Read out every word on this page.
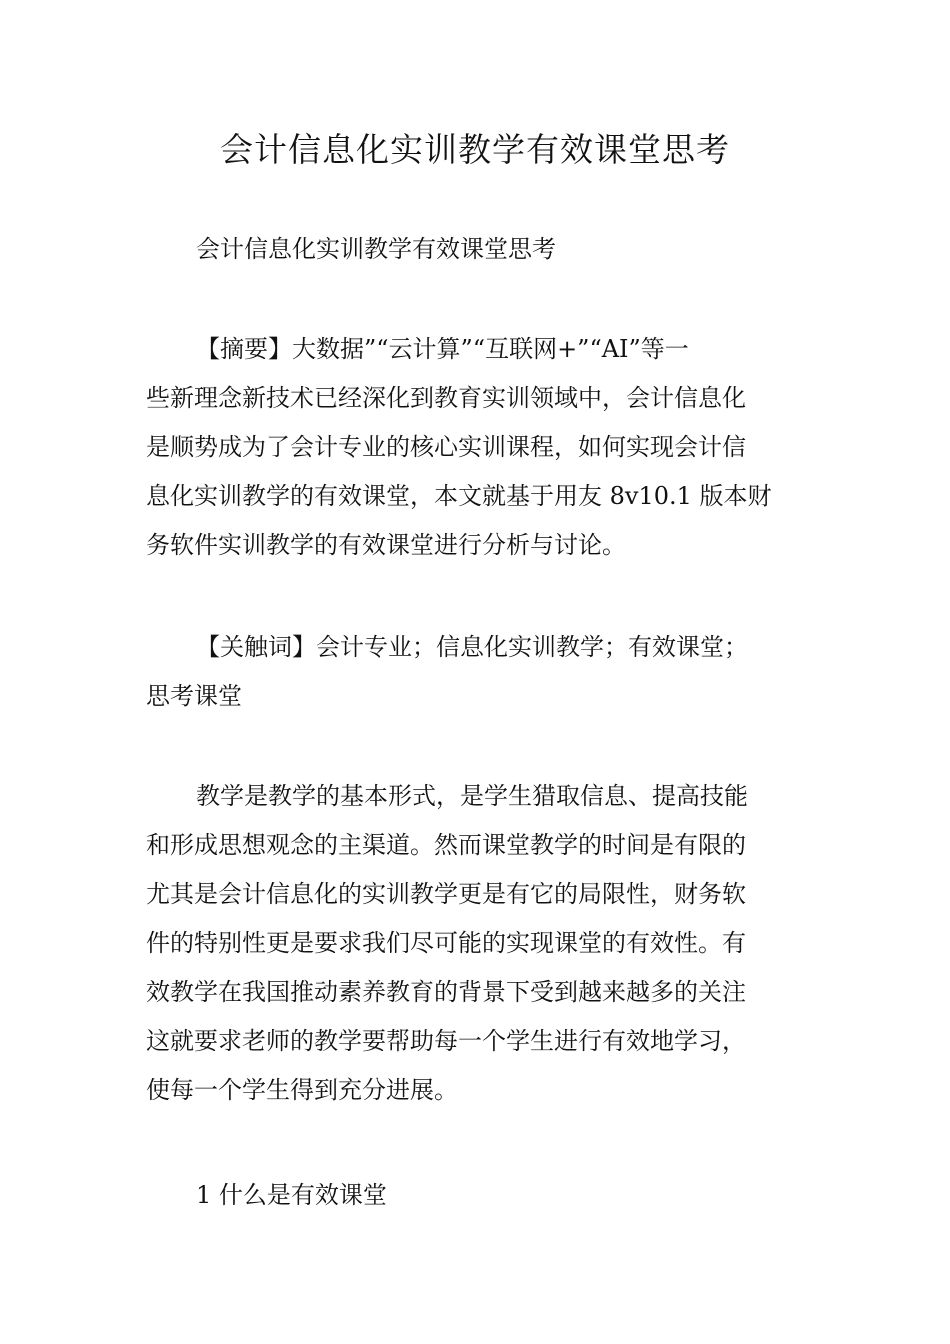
会计信息化实训教学有效课堂思考

会计信息化实训教学有效课堂思考

【摘要】大数据”“云计算”“互联网+”“AI”等一
些新理念新技术已经深化到教育实训领域中，会计信息化
是顺势成为了会计专业的核心实训课程，如何实现会计信
息化实训教学的有效课堂，本文就基于用友 8v10.1 版本财
务软件实训教学的有效课堂进行分析与讨论。

【关触词】会计专业；信息化实训教学；有效课堂；
思考课堂

教学是教学的基本形式，是学生猎取信息、提高技能
和形成思想观念的主渠道。然而课堂教学的时间是有限的
尤其是会计信息化的实训教学更是有它的局限性，财务软
件的特别性更是要求我们尽可能的实现课堂的有效性。有
效教学在我国推动素养教育的背景下受到越来越多的关注
这就要求老师的教学要帮助每一个学生进行有效地学习，
使每一个学生得到充分进展。

1 什么是有效课堂
